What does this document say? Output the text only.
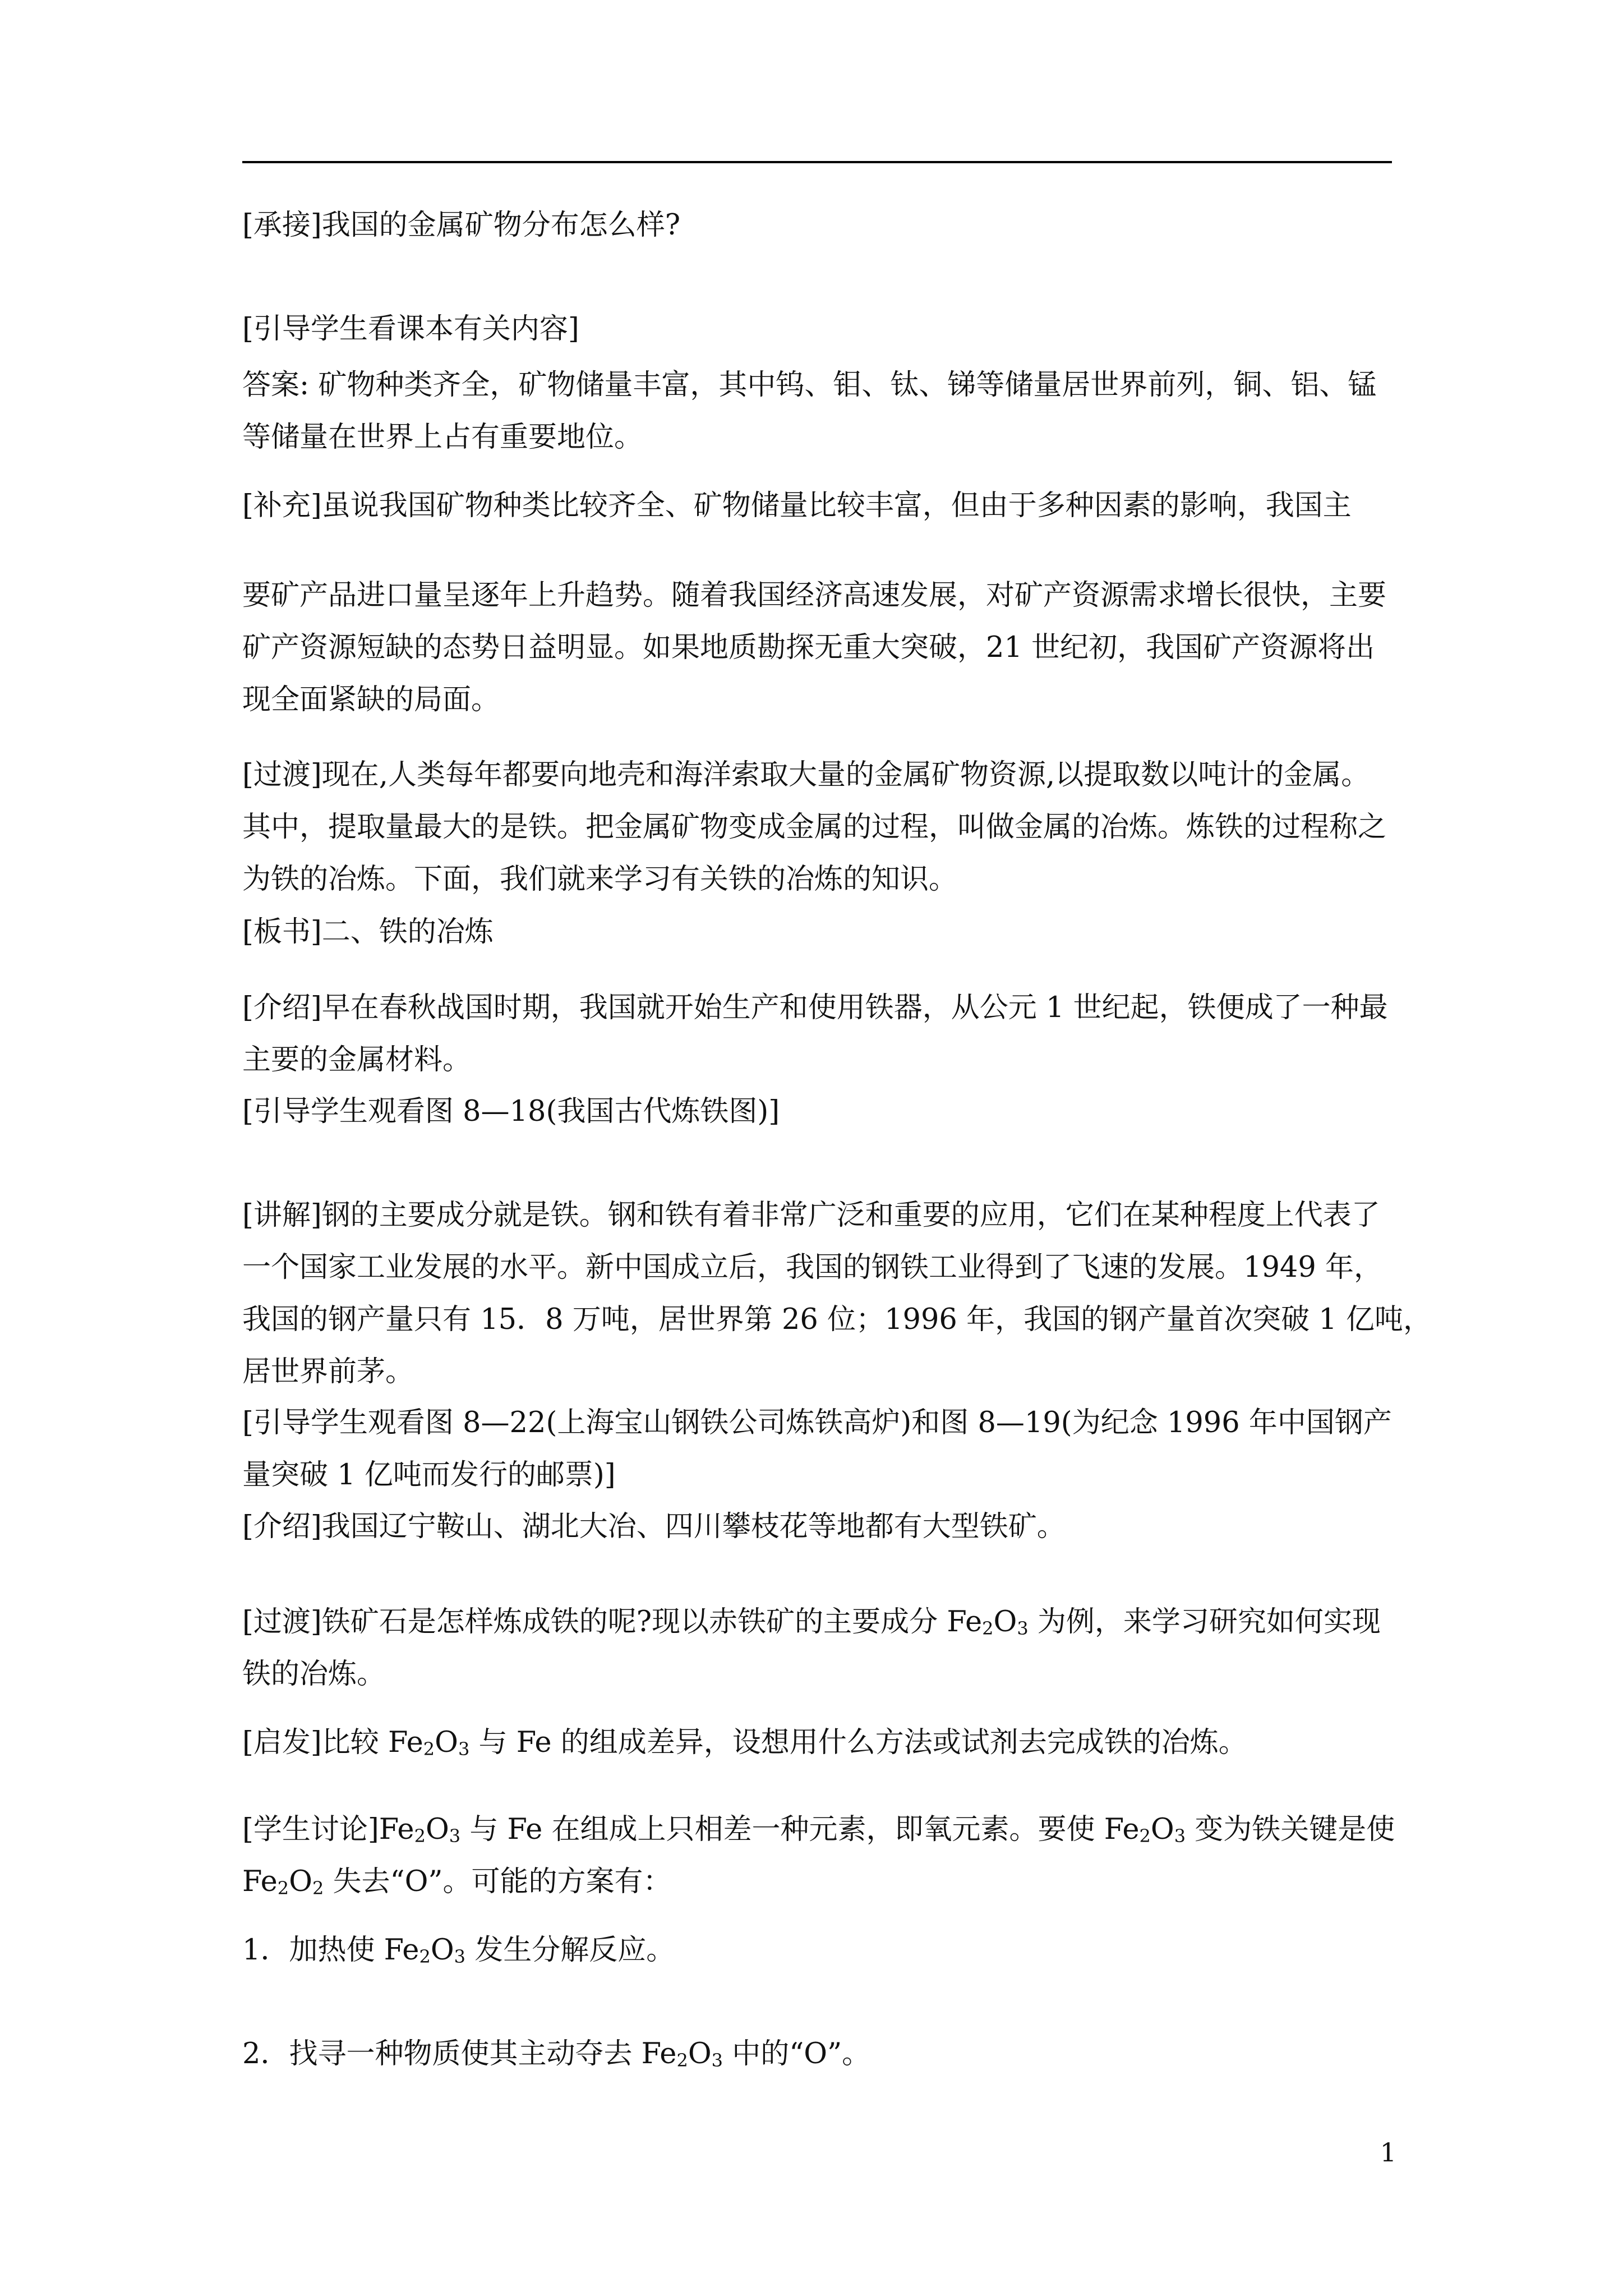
[承接]我国的金属矿物分布怎么样?
[引导学生看课本有关内容]
答案: 矿物种类齐全，矿物储量丰富，其中钨、钼、钛、锑等储量居世界前列，铜、铝、锰
等储量在世界上占有重要地位。
[补充]虽说我国矿物种类比较齐全、矿物储量比较丰富，但由于多种因素的影响，我国主
要矿产品进口量呈逐年上升趋势。随着我国经济高速发展，对矿产资源需求增长很快，主要
矿产资源短缺的态势日益明显。如果地质勘探无重大突破，21 世纪初，我国矿产资源将出
现全面紧缺的局面。
[过渡]现在,人类每年都要向地壳和海洋索取大量的金属矿物资源,以提取数以吨计的金属。
其中，提取量最大的是铁。把金属矿物变成金属的过程，叫做金属的冶炼。炼铁的过程称之
为铁的冶炼。下面，我们就来学习有关铁的冶炼的知识。
[板书]二、铁的冶炼
[介绍]早在春秋战国时期，我国就开始生产和使用铁器，从公元 1 世纪起，铁便成了一种最
主要的金属材料。
[引导学生观看图 8—18(我国古代炼铁图)]
[讲解]钢的主要成分就是铁。钢和铁有着非常广泛和重要的应用，它们在某种程度上代表了
一个国家工业发展的水平。新中国成立后，我国的钢铁工业得到了飞速的发展。1949 年，
我国的钢产量只有 15．8 万吨，居世界第 26 位；1996 年，我国的钢产量首次突破 1 亿吨，
居世界前茅。
[引导学生观看图 8—22(上海宝山钢铁公司炼铁高炉)和图 8—19(为纪念 1996 年中国钢产
量突破 1 亿吨而发行的邮票)]
[介绍]我国辽宁鞍山、湖北大冶、四川攀枝花等地都有大型铁矿。
[过渡]铁矿石是怎样炼成铁的呢?现以赤铁矿的主要成分 $Fe_2O_3$ 为例，来学习研究如何实现
铁的冶炼。
[启发]比较 $Fe_2O_3$ 与 Fe 的组成差异，设想用什么方法或试剂去完成铁的冶炼。
[学生讨论]$Fe_2O_3$ 与 Fe 在组成上只相差一种元素，即氧元素。要使 $Fe_2O_3$ 变为铁关键是使
$Fe_2O_2$ 失去“O”。可能的方案有：
1．加热使 $Fe_2O_3$ 发生分解反应。
2．找寻一种物质使其主动夺去 $Fe_2O_3$ 中的“O”。
1
